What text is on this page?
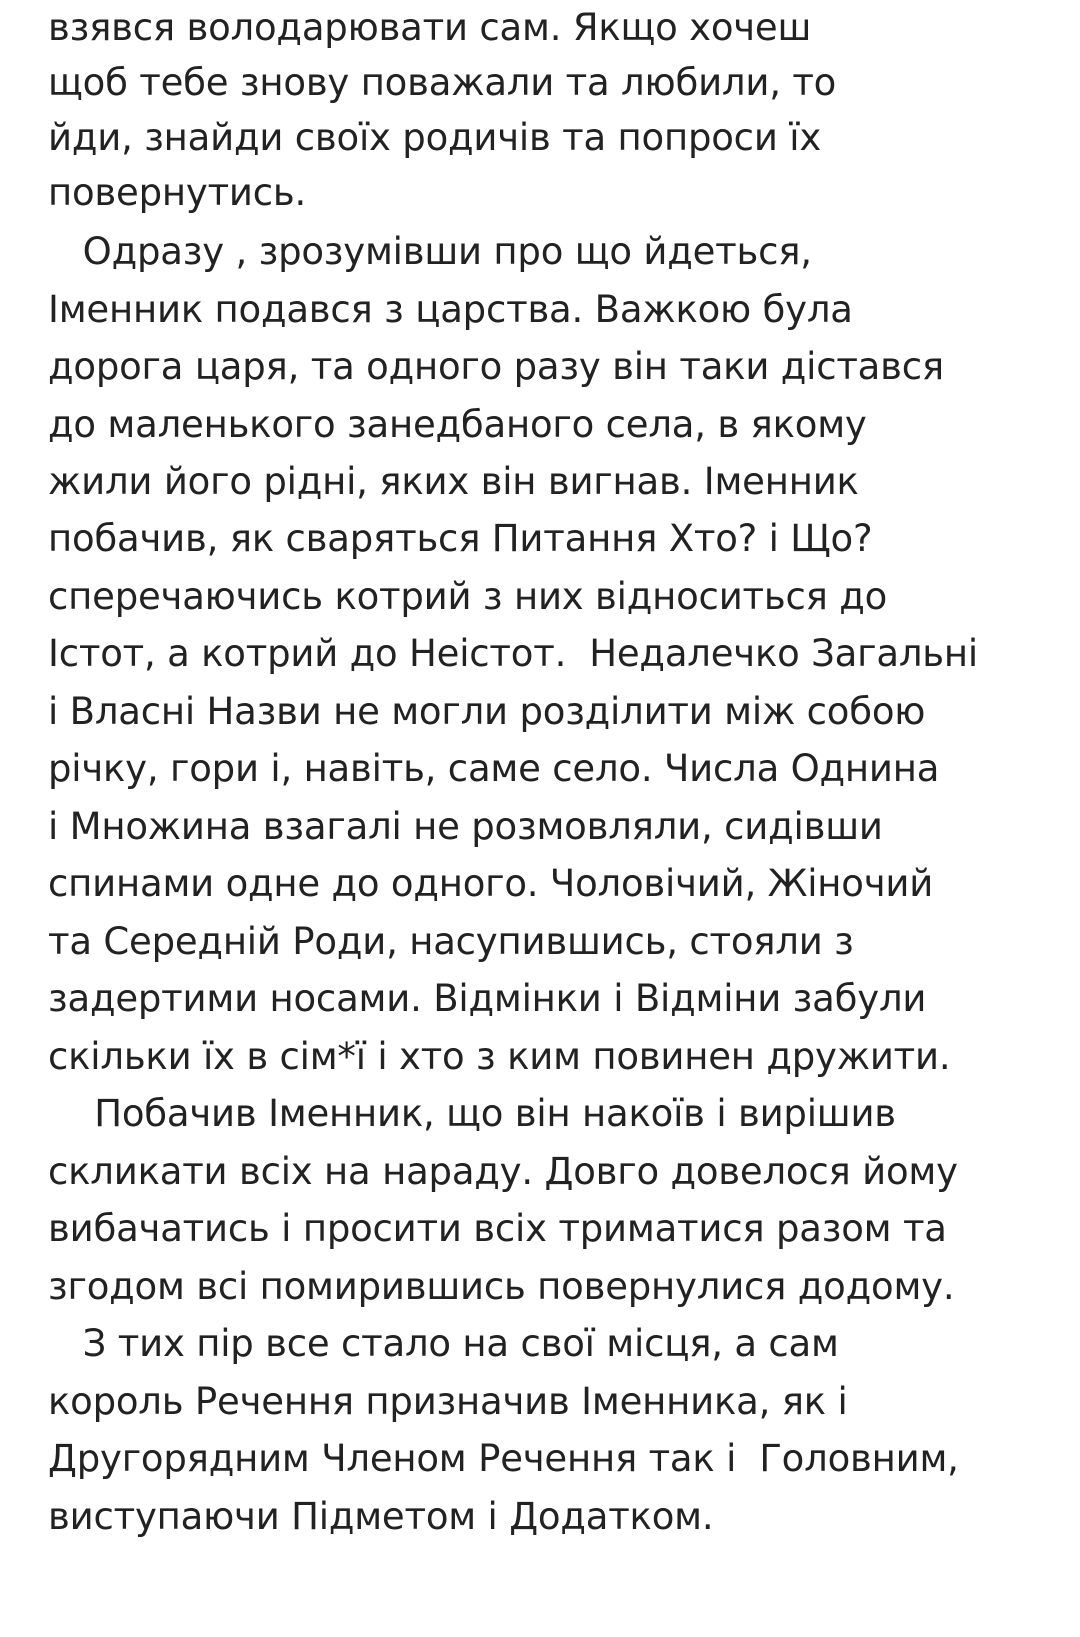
взявся володарювати сам. Якщо хочеш

щоб тебе знову поважали та любили, то

йди, знайди своїх родичів та попроси їх

повернутись.

Одразу , зрозумівши про що йдеться,

Іменник подався з царства. Важкою була

дорога царя, та одного разу він таки дістався

до маленького занедбаного села, в якому

жили його рідні, яких він вигнав. Іменник

побачив, як сваряться Питання Хто? і Що?

сперечаючись котрий з них відноситься до

Істот, а котрий до Неістот.  Недалечко Загальні

і Власні Назви не могли розділити між собою

річку, гори і, навіть, саме село. Числа Однина

і Множина взагалі не розмовляли, сидівши

спинами одне до одного. Чоловічий, Жіночий

та Середній Роди, насупившись, стояли з

задертими носами. Відмінки і Відміни забули

скільки їх в сім*ї і хто з ким повинен дружити.

Побачив Іменник, що він накоїв і вирішив

скликати всіх на нараду. Довго довелося йому

вибачатись і просити всіх триматися разом та

згодом всі помирившись повернулися додому.

З тих пір все стало на свої місця, а сам

король Речення призначив Іменника, як і

Другорядним Членом Речення так і  Головним,

виступаючи Підметом і Додатком.
